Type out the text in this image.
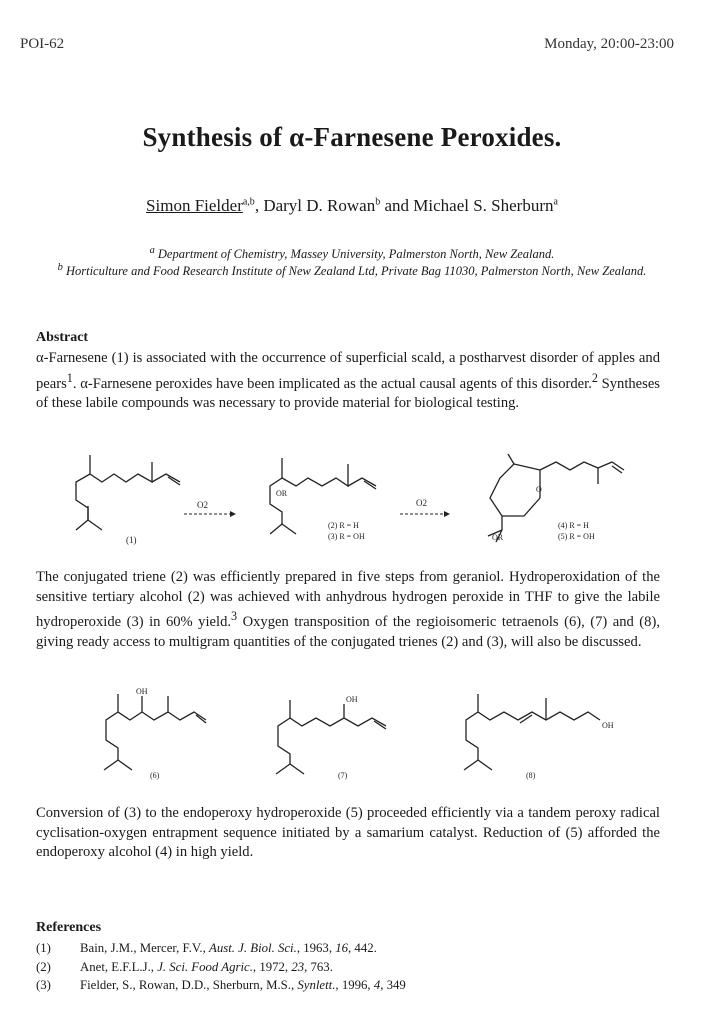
POI-62	Monday, 20:00-23:00
Synthesis of α-Farnesene Peroxides.
Simon Fielder$^{a,b}$, Daryl D. Rowan$^b$ and Michael S. Sherburn$^a$
$^a$ Department of Chemistry, Massey University, Palmerston North, New Zealand.
$^b$ Horticulture and Food Research Institute of New Zealand Ltd, Private Bag 11030, Palmerston North, New Zealand.
Abstract
α-Farnesene (1) is associated with the occurrence of superficial scald, a postharvest disorder of apples and pears$^1$. α-Farnesene peroxides have been implicated as the actual causal agents of this disorder.$^2$ Syntheses of these labile compounds was necessary to provide material for biological testing.
(1)
O2
OR
(2) R = H
(3) R = OH
O2
O
OR
(4) R = H
(5) R = OH
The conjugated triene (2) was efficiently prepared in five steps from geraniol. Hydroperoxidation of the sensitive tertiary alcohol (2) was achieved with anhydrous hydrogen peroxide in THF to give the labile hydroperoxide (3) in 60% yield.$^3$ Oxygen transposition of the regioisomeric tetraenols (6), (7) and (8), giving ready access to multigram quantities of the conjugated trienes (2) and (3), will also be discussed.
OH
(6)
OH
(7)
OH
(8)
Conversion of (3) to the endoperoxy hydroperoxide (5) proceeded efficiently via a tandem peroxy radical cyclisation-oxygen entrapment sequence initiated by a samarium catalyst. Reduction of (5) afforded the endoperoxy alcohol (4) in high yield.
References
(1) Bain, J.M., Mercer, F.V., Aust. J. Biol. Sci., 1963, 16, 442.
(2) Anet, E.F.L.J., J. Sci. Food Agric., 1972, 23, 763.
(3) Fielder, S., Rowan, D.D., Sherburn, M.S., Synlett., 1996, 4, 349
